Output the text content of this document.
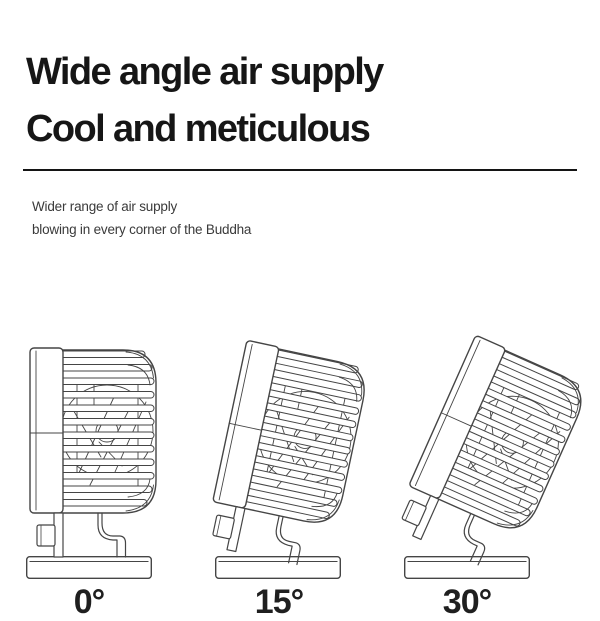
Wide angle air supply
Cool and meticulous

Wider range of air supply
blowing in every corner of the Buddha

0°	15°	30°
